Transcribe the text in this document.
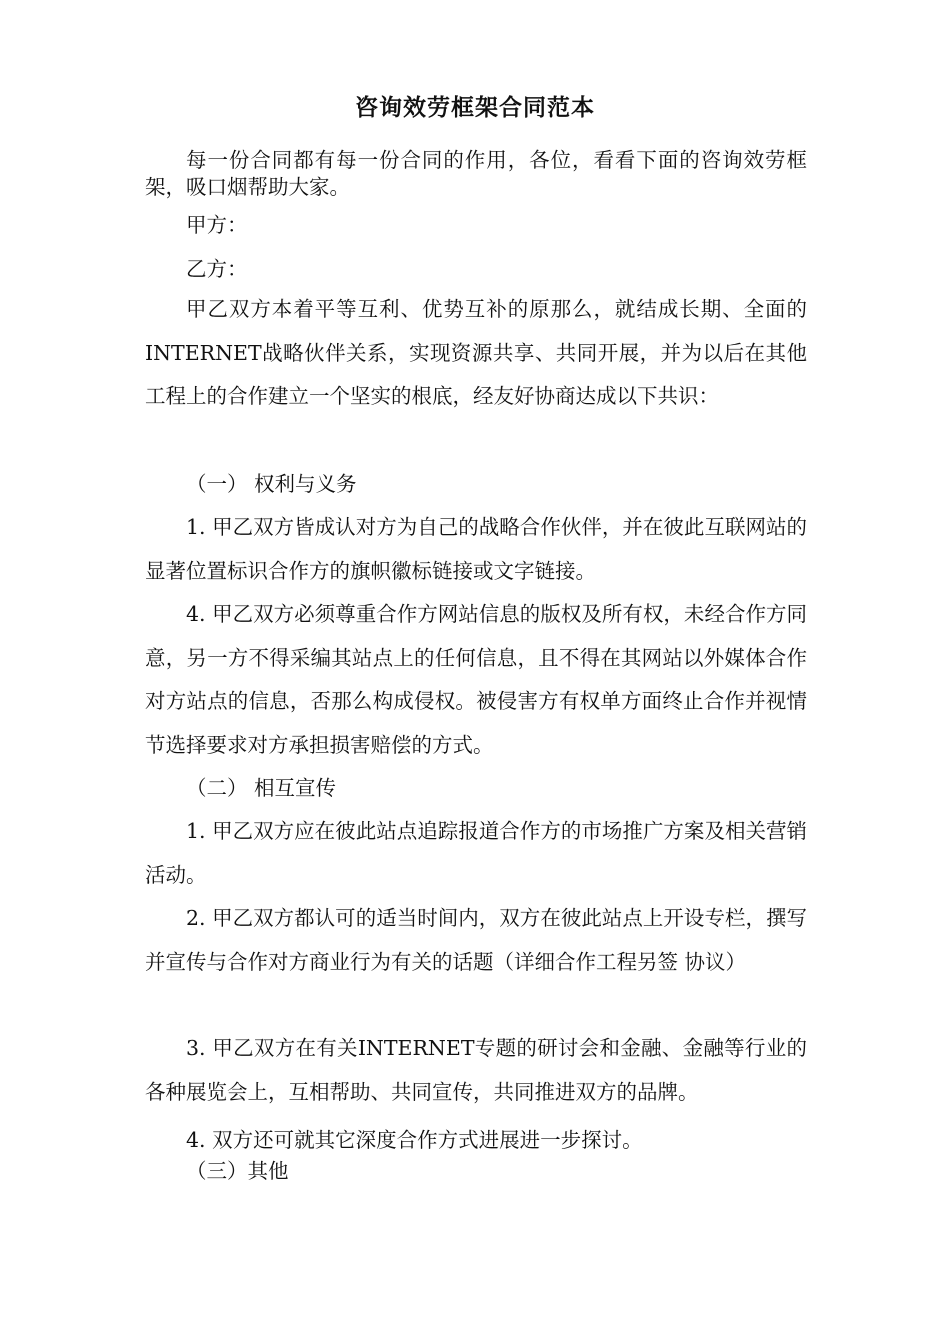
咨询效劳框架合同范本

每一份合同都有每一份合同的作用，各位，看看下面的咨询效劳框架，吸口烟帮助大家。

甲方：

乙方：

甲乙双方本着平等互利、优势互补的原那么，就结成长期、全面的INTERNET战略伙伴关系，实现资源共享、共同开展，并为以后在其他工程上的合作建立一个坚实的根底，经友好协商达成以下共识：

（一） 权利与义务

1. 甲乙双方皆成认对方为自己的战略合作伙伴，并在彼此互联网站的显著位置标识合作方的旗帜徽标链接或文字链接。

4. 甲乙双方必须尊重合作方网站信息的版权及所有权，未经合作方同意，另一方不得采编其站点上的任何信息，且不得在其网站以外媒体合作对方站点的信息，否那么构成侵权。被侵害方有权单方面终止合作并视情节选择要求对方承担损害赔偿的方式。

（二） 相互宣传

1. 甲乙双方应在彼此站点追踪报道合作方的市场推广方案及相关营销活动。

2. 甲乙双方都认可的适当时间内，双方在彼此站点上开设专栏，撰写并宣传与合作对方商业行为有关的话题（详细合作工程另签 协议）

3. 甲乙双方在有关INTERNET专题的研讨会和金融、金融等行业的各种展览会上，互相帮助、共同宣传，共同推进双方的品牌。

4. 双方还可就其它深度合作方式进展进一步探讨。

（三）其他
